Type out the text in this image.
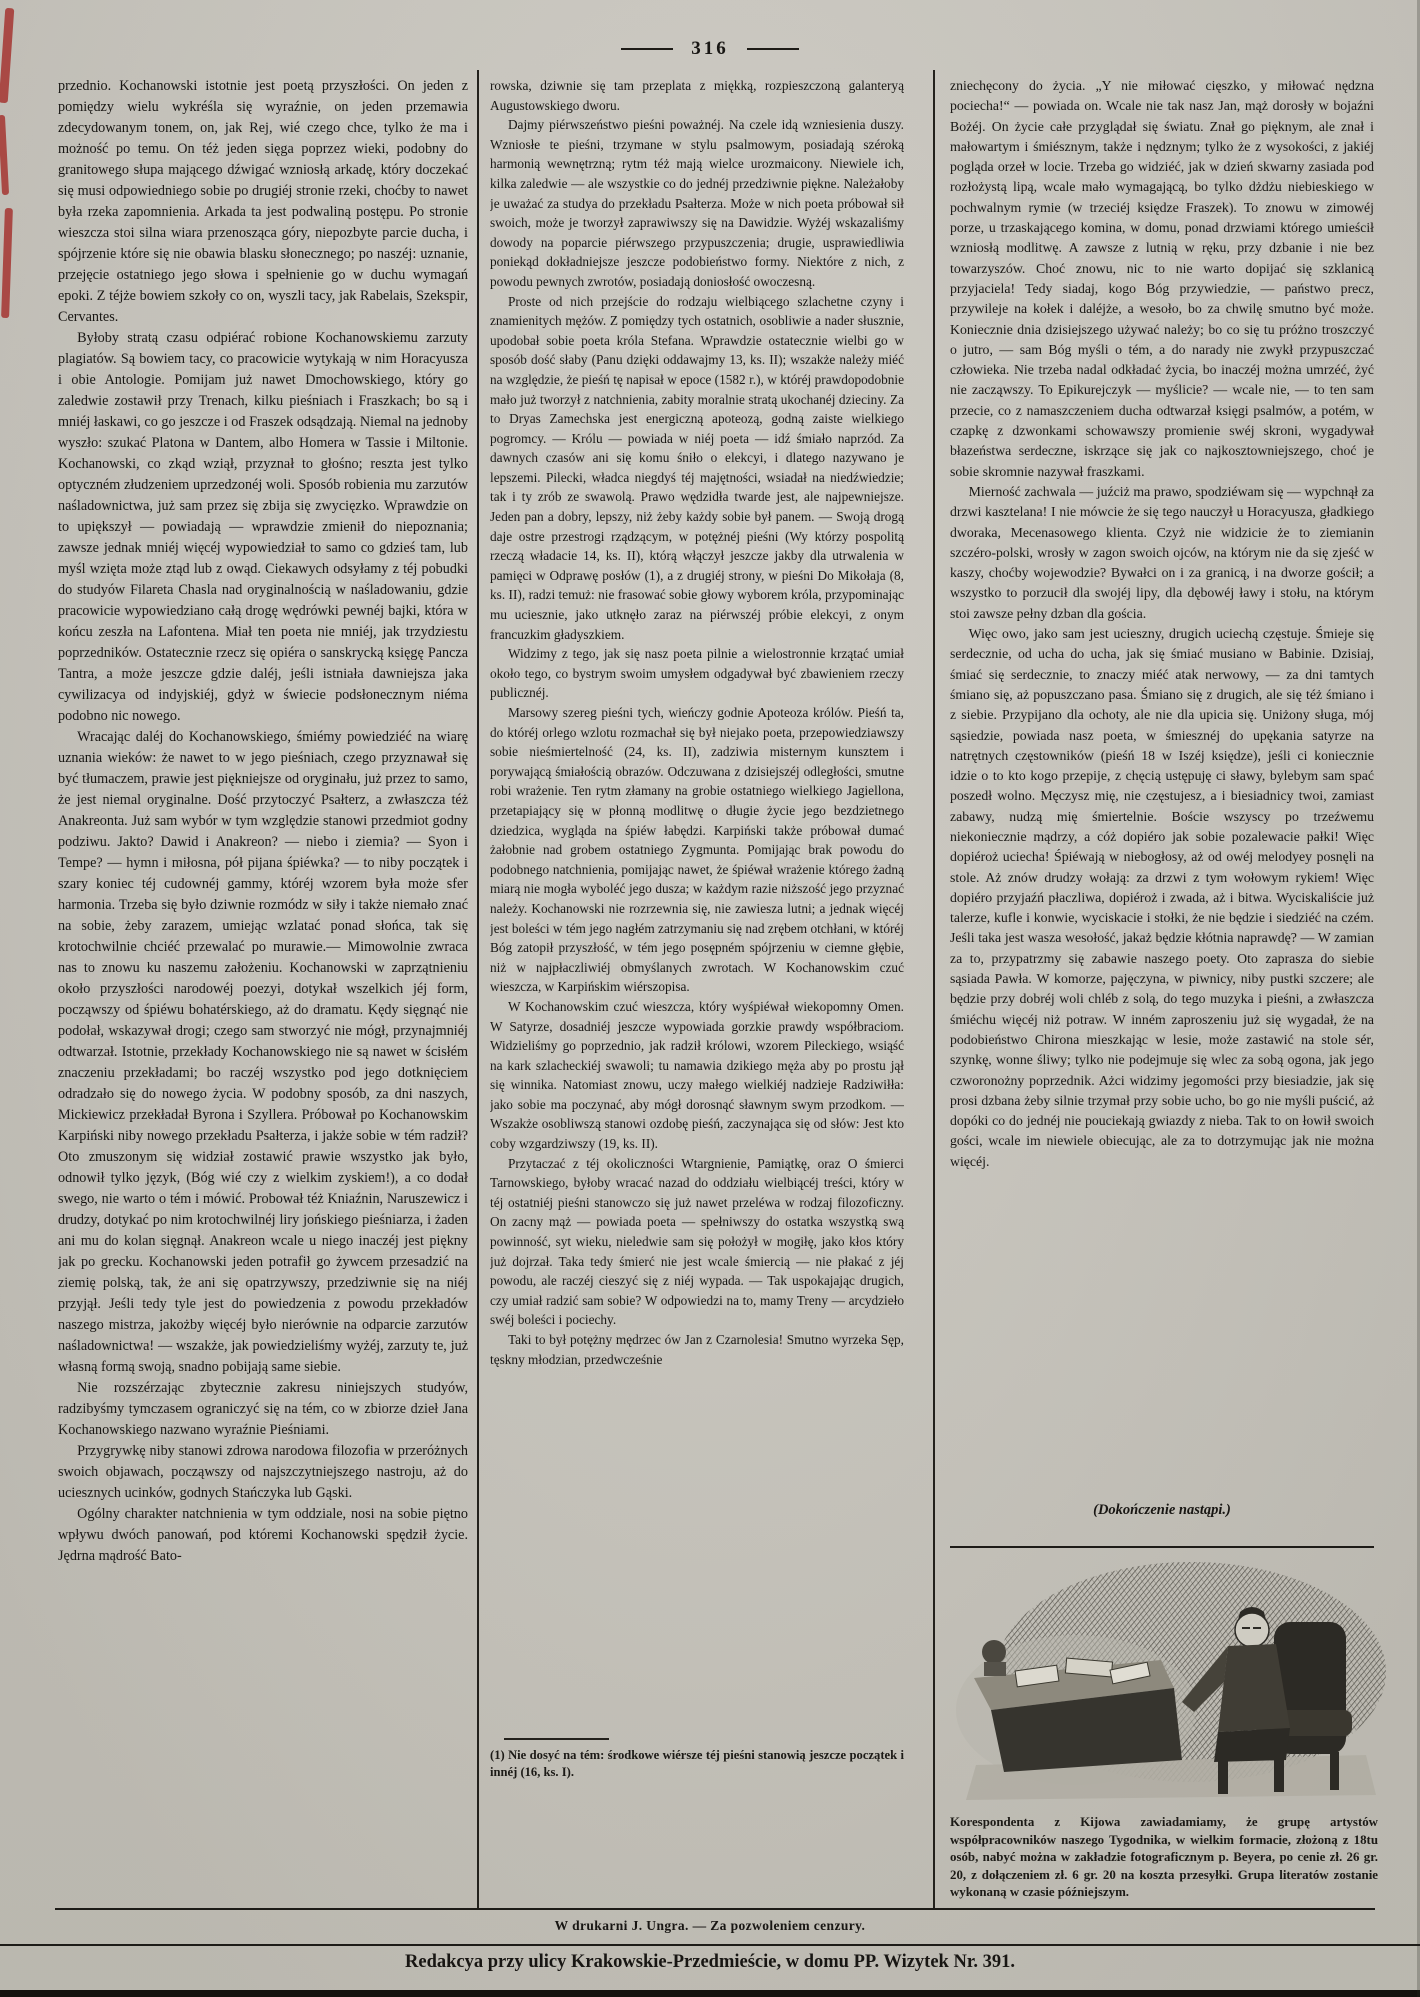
316

przednio. Kochanowski istotnie jest poetą przyszłości. On jeden z pomiędzy wielu wykréśla się wyraźnie, on jeden przemawia zdecydowanym tonem, on, jak Rej, wié czego chce, tylko że ma i możność po temu. On téż jeden sięga poprzez wieki, podobny do granitowego słupa mającego dźwigać wzniosłą arkadę, który doczekać się musi odpowiedniego sobie po drugiéj stronie rzeki, choćby to nawet była rzeka zapomnienia. Arkada ta jest podwaliną postępu. Po stronie wieszcza stoi silna wiara przenosząca góry, niepozbyte parcie ducha, i spójrzenie które się nie obawia blasku słonecznego; po naszéj: uznanie, przejęcie ostatniego jego słowa i spełnienie go w duchu wymagań epoki. Z téjże bowiem szkoły co on, wyszli tacy, jak Rabelais, Szekspir, Cervantes.

Byłoby stratą czasu odpiérać robione Kochanowskiemu zarzuty plagiatów. Są bowiem tacy, co pracowicie wytykają w nim Horacyusza i obie Antologie. Pomijam już nawet Dmochowskiego, który go zaledwie zostawił przy Trenach, kilku pieśniach i Fraszkach; bo są i mniéj łaskawi, co go jeszcze i od Fraszek odsądzają. Niemal na jednoby wyszło: szukać Platona w Dantem, albo Homera w Tassie i Miltonie. Kochanowski, co zkąd wziął, przyznał to głośno; reszta jest tylko optyczném złudzeniem uprzedzonéj woli. Sposób robienia mu zarzutów naśladownictwa, już sam przez się zbija się zwycięzko. Wprawdzie on to upiększył — powiadają — wprawdzie zmienił do niepoznania; zawsze jednak mniéj więcéj wypowiedział to samo co gdzieś tam, lub myśl wzięta może ztąd lub z owąd. Ciekawych odsyłamy z téj pobudki do studyów Filareta Chasla nad oryginalnością w naśladowaniu, gdzie pracowicie wypowiedziano całą drogę wędrówki pewnéj bajki, która w końcu zeszła na Lafontena. Miał ten poeta nie mniéj, jak trzydziestu poprzedników. Ostatecznie rzecz się opiéra o sanskrycką księgę Pancza Tantra, a może jeszcze gdzie daléj, jeśli istniała dawniejsza jaka cywilizacya od indyjskiéj, gdyż w świecie podsłonecznym niéma podobno nic nowego.

Wracając daléj do Kochanowskiego, śmiémy powiedziéć na wiarę uznania wieków: że nawet to w jego pieśniach, czego przyznawał się być tłumaczem, prawie jest piękniejsze od oryginału, już przez to samo, że jest niemal oryginalne. Dość przytoczyć Psałterz, a zwłaszcza téż Anakreonta. Już sam wybór w tym względzie stanowi przedmiot godny podziwu. Jakto? Dawid i Anakreon? — niebo i ziemia? — Syon i Tempe? — hymn i miłosna, pół pijana śpiéwka? — to niby początek i szary koniec téj cudownéj gammy, któréj wzorem była może sfer harmonia. Trzeba się było dziwnie rozmódz w siły i także niemało znać na sobie, żeby zarazem, umiejąc wzlatać ponad słońca, tak się krotochwilnie chciéć przewalać po murawie.— Mimowolnie zwraca nas to znowu ku naszemu założeniu. Kochanowski w zaprzątnieniu około przyszłości narodowéj poezyi, dotykał wszelkich jéj form, począwszy od śpiéwu bohatérskiego, aż do dramatu. Kędy sięgnąć nie podołał, wskazywał drogi; czego sam stworzyć nie mógł, przynajmniéj odtwarzał. Istotnie, przekłady Kochanowskiego nie są nawet w ścisłém znaczeniu przekładami; bo raczéj wszystko pod jego dotknięciem odradzało się do nowego życia. W podobny sposób, za dni naszych, Mickiewicz przekładał Byrona i Szyllera. Próbował po Kochanowskim Karpiński niby nowego przekładu Psałterza, i jakże sobie w tém radził? Oto zmuszonym się widział zostawić prawie wszystko jak było, odnowił tylko język, (Bóg wié czy z wielkim zyskiem!), a co dodał swego, nie warto o tém i mówić. Probował téż Kniaźnin, Naruszewicz i drudzy, dotykać po nim krotochwilnéj liry jońskiego pieśniarza, i żaden ani mu do kolan sięgnął. Anakreon wcale u niego inaczéj jest piękny jak po grecku. Kochanowski jeden potrafił go żywcem przesadzić na ziemię polską, tak, że ani się opatrzywszy, przedziwnie się na niéj przyjął. Jeśli tedy tyle jest do powiedzenia z powodu przekładów naszego mistrza, jakożby więcéj było nierównie na odparcie zarzutów naśladownictwa! — wszakże, jak powiedzieliśmy wyżéj, zarzuty te, już własną formą swoją, snadno pobijają same siebie.

Nie rozszérzając zbytecznie zakresu niniejszych studyów, radzibyśmy tymczasem ograniczyć się na tém, co w zbiorze dzieł Jana Kochanowskiego nazwano wyraźnie Pieśniami.

Przygrywkę niby stanowi zdrowa narodowa filozofia w przeróżnych swoich objawach, począwszy od najszczytniejszego nastroju, aż do uciesznych ucinków, godnych Stańczyka lub Gąski.

Ogólny charakter natchnienia w tym oddziale, nosi na sobie piętno wpływu dwóch panowań, pod któremi Kochanowski spędził życie. Jędrna mądrość Bato-

rowska, dziwnie się tam przeplata z miękką, rozpieszczoną galanteryą Augustowskiego dworu.

Dajmy piérwszeństwo pieśni poważnéj. Na czele idą wzniesienia duszy. Wzniosłe te pieśni, trzymane w stylu psalmowym, posiadają széroką harmonią wewnętrzną; rytm téż mają wielce urozmaicony. Niewiele ich, kilka zaledwie — ale wszystkie co do jednéj przedziwnie piękne. Należałoby je uważać za studya do przekładu Psałterza. Może w nich poeta próbował sił swoich, może je tworzył zaprawiwszy się na Dawidzie. Wyżéj wskazaliśmy dowody na poparcie piérwszego przypuszczenia; drugie, usprawiedliwia poniekąd dokładniejsze jeszcze podobieństwo formy. Niektóre z nich, z powodu pewnych zwrotów, posiadają doniosłość owoczesną.

Proste od nich przejście do rodzaju wielbiącego szlachetne czyny i znamienitych mężów. Z pomiędzy tych ostatnich, osobliwie a nader słusznie, upodobał sobie poeta króla Stefana. Wprawdzie ostatecznie wielbi go w sposób dość słaby (Panu dzięki oddawajmy 13, ks. II); wszakże należy miéć na względzie, że pieśń tę napisał w epoce (1582 r.), w któréj prawdopodobnie mało już tworzył z natchnienia, zabity moralnie stratą ukochanéj dzieciny. Za to Dryas Zamechska jest energiczną apoteozą, godną zaiste wielkiego pogromcy. — Królu — powiada w niéj poeta — idź śmiało naprzód. Za dawnych czasów ani się komu śniło o elekcyi, i dlatego nazywano je lepszemi. Pilecki, władca niegdyś téj majętności, wsiadał na niedźwiedzie; tak i ty zrób ze swawolą. Prawo wędzidła twarde jest, ale najpewniejsze. Jeden pan a dobry, lepszy, niż żeby każdy sobie był panem. — Swoją drogą daje ostre przestrogi rządzącym, w potężnéj pieśni (Wy którzy pospolitą rzeczą władacie 14, ks. II), którą włączył jeszcze jakby dla utrwalenia w pamięci w Odprawę posłów (1), a z drugiéj strony, w pieśni Do Mikołaja (8, ks. II), radzi temuż: nie frasować sobie głowy wyborem króla, przypominając mu uciesznie, jako utknęło zaraz na piérwszéj próbie elekcyi, z onym francuzkim gładyszkiem.

Widzimy z tego, jak się nasz poeta pilnie a wielostronnie krzątać umiał około tego, co bystrym swoim umysłem odgadywał być zbawieniem rzeczy publicznéj.

Marsowy szereg pieśni tych, wieńczy godnie Apoteoza królów. Pieśń ta, do któréj orlego wzlotu rozmachał się był niejako poeta, przepowiedziawszy sobie nieśmiertelność (24, ks. II), zadziwia misternym kunsztem i porywającą śmiałością obrazów. Odczuwana z dzisiejszéj odległości, smutne robi wrażenie. Ten rytm złamany na grobie ostatniego wielkiego Jagiellona, przetapiający się w płonną modlitwę o długie życie jego bezdzietnego dziedzica, wygląda na śpiéw łabędzi. Karpiński także próbował dumać żałobnie nad grobem ostatniego Zygmunta. Pomijając brak powodu do podobnego natchnienia, pomijając nawet, że śpiéwał wrażenie którego żadną miarą nie mogła wyboléć jego dusza; w każdym razie niższość jego przyznać należy. Kochanowski nie rozrzewnia się, nie zawiesza lutni; a jednak więcéj jest boleści w tém jego nagłém zatrzymaniu się nad zrębem otchłani, w któréj Bóg zatopił przyszłość, w tém jego posępném spójrzeniu w ciemne głębie, niż w najpłaczliwiéj obmyślanych zwrotach. W Kochanowskim czuć wieszcza, w Karpińskim wiérszopisa.

W Kochanowskim czuć wieszcza, który wyśpiéwał wiekopomny Omen. W Satyrze, dosadniéj jeszcze wypowiada gorzkie prawdy współbraciom. Widzieliśmy go poprzednio, jak radził królowi, wzorem Pileckiego, wsiąść na kark szlacheckiéj swawoli; tu namawia dzikiego męża aby po prostu jął się winnika. Natomiast znowu, uczy małego wielkiéj nadzieje Radziwiłła: jako sobie ma poczynać, aby mógł dorosnąć sławnym swym przodkom. — Wszakże osobliwszą stanowi ozdobę pieśń, zaczynająca się od słów: Jest kto coby wzgardziwszy (19, ks. II).

Przytaczać z téj okoliczności Wtargnienie, Pamiątkę, oraz O śmierci Tarnowskiego, byłoby wracać nazad do oddziału wielbiącéj treści, który w téj ostatniéj pieśni stanowczo się już nawet przeléwa w rodzaj filozoficzny. On zacny mąż — powiada poeta — spełniwszy do ostatka wszystką swą powinność, syt wieku, nieledwie sam się położył w mogiłę, jako kłos który już dojrzał. Taka tedy śmierć nie jest wcale śmiercią — nie płakać z jéj powodu, ale raczéj cieszyć się z niéj wypada. — Tak uspokajając drugich, czy umiał radzić sam sobie? W odpowiedzi na to, mamy Treny — arcydzieło swéj boleści i pociechy.

Taki to był potężny mędrzec ów Jan z Czarnolesia! Smutno wyrzeka Sęp, tęskny młodzian, przedwcześnie

zniechęcony do życia. „Y nie miłować cięszko, y miłować nędzna pociecha!“ — powiada on. Wcale nie tak nasz Jan, mąż dorosły w bojaźni Bożéj. On życie całe przyglądał się światu. Znał go pięknym, ale znał i małowartym i śmiésznym, także i nędznym; tylko że z wysokości, z jakiéj pogląda orzeł w locie. Trzeba go widziéć, jak w dzień skwarny zasiada pod rozłożystą lipą, wcale mało wymagającą, bo tylko dżdżu niebieskiego w pochwalnym rymie (w trzeciéj księdze Fraszek). To znowu w zimowéj porze, u trzaskającego komina, w domu, ponad drzwiami którego umieścił wzniosłą modlitwę. A zawsze z lutnią w ręku, przy dzbanie i nie bez towarzyszów. Choć znowu, nic to nie warto dopijać się szklanicą przyjaciela! Tedy siadaj, kogo Bóg przywiedzie, — państwo precz, przywileje na kołek i daléjże, a wesoło, bo za chwilę smutno być może. Koniecznie dnia dzisiejszego używać należy; bo co się tu próżno troszczyć o jutro, — sam Bóg myśli o tém, a do narady nie zwykł przypuszczać człowieka. Nie trzeba nadal odkładać życia, bo inaczéj można umrzéć, żyć nie zacząwszy. To Epikurejczyk — myślicie? — wcale nie, — to ten sam przecie, co z namaszczeniem ducha odtwarzał księgi psalmów, a potém, w czapkę z dzwonkami schowawszy promienie swéj skroni, wygadywał błazeństwa serdeczne, iskrzące się jak co najkosztowniejszego, choć je sobie skromnie nazywał fraszkami.

Mierność zachwala — juźciż ma prawo, spodziéwam się — wypchnął za drzwi kasztelana! I nie mówcie że się tego nauczył u Horacyusza, gładkiego dworaka, Mecenasowego klienta. Czyż nie widzicie że to ziemianin szczéro-polski, wrosły w zagon swoich ojców, na którym nie da się zjeść w kaszy, choćby wojewodzie? Bywałci on i za granicą, i na dworze gościł; a wszystko to porzucił dla swojéj lipy, dla dębowéj ławy i stołu, na którym stoi zawsze pełny dzban dla gościa.

Więc owo, jako sam jest ucieszny, drugich uciechą częstuje. Śmieje się serdecznie, od ucha do ucha, jak się śmiać musiano w Babinie. Dzisiaj, śmiać się serdecznie, to znaczy miéć atak nerwowy, — za dni tamtych śmiano się, aż popuszczano pasa. Śmiano się z drugich, ale się téż śmiano i z siebie. Przypijano dla ochoty, ale nie dla upicia się. Uniżony sługa, mój sąsiedzie, powiada nasz poeta, w śmiesznéj do upękania satyrze na natrętnych częstowników (pieśń 18 w Iszéj księdze), jeśli ci koniecznie idzie o to kto kogo przepije, z chęcią ustępuję ci sławy, bylebym sam spać poszedł wolno. Męczysz mię, nie częstujesz, a i biesiadnicy twoi, zamiast zabawy, nudzą mię śmiertelnie. Boście wszyscy po trzeźwemu niekoniecznie mądrzy, a cóż dopiéro jak sobie pozalewacie pałki! Więc dopiéroż uciecha! Śpiéwają w niebogłosy, aż od owéj melodyey posnęli na stole. Aż znów drudzy wołają: za drzwi z tym wołowym rykiem! Więc dopiéro przyjaźń płaczliwa, dopiéroż i zwada, aż i bitwa. Wyciskaliście już talerze, kufle i konwie, wyciskacie i stołki, że nie będzie i siedziéć na czém. Jeśli taka jest wasza wesołość, jakaż będzie kłótnia naprawdę? — W zamian za to, przypatrzmy się zabawie naszego poety. Oto zaprasza do siebie sąsiada Pawła. W komorze, pajęczyna, w piwnicy, niby pustki szczere; ale będzie przy dobréj woli chléb z solą, do tego muzyka i pieśni, a zwłaszcza śmiéchu więcéj niż potraw. W inném zaproszeniu już się wygadał, że na podobieństwo Chirona mieszkając w lesie, może zastawić na stole sér, szynkę, wonne śliwy; tylko nie podejmuje się wlec za sobą ogona, jak jego czworonożny poprzednik. Ażci widzimy jegomości przy biesiadzie, jak się prosi dzbana żeby silnie trzymał przy sobie ucho, bo go nie myśli puścić, aż dopóki co do jednéj nie pouciekają gwiazdy z nieba. Tak to on łowił swoich gości, wcale im niewiele obiecując, ale za to dotrzymując jak nie można więcéj.

(1) Nie dosyć na tém: środkowe wiérsze téj pieśni stanowią jeszcze początek i innéj (16, ks. I).

(Dokończenie nastąpi.)

Korespondenta z Kijowa zawiadamiamy, że grupę artystów współpracowników naszego Tygodnika, w wielkim formacie, złożoną z 18tu osób, nabyć można w zakładzie fotograficznym p. Beyera, po cenie zł. 26 gr. 20, z dołączeniem zł. 6 gr. 20 na koszta przesyłki. Grupa literatów zostanie wykonaną w czasie późniejszym.

W drukarni J. Ungra. — Za pozwoleniem cenzury.

Redakcya przy ulicy Krakowskie-Przedmieście, w domu PP. Wizytek Nr. 391.
